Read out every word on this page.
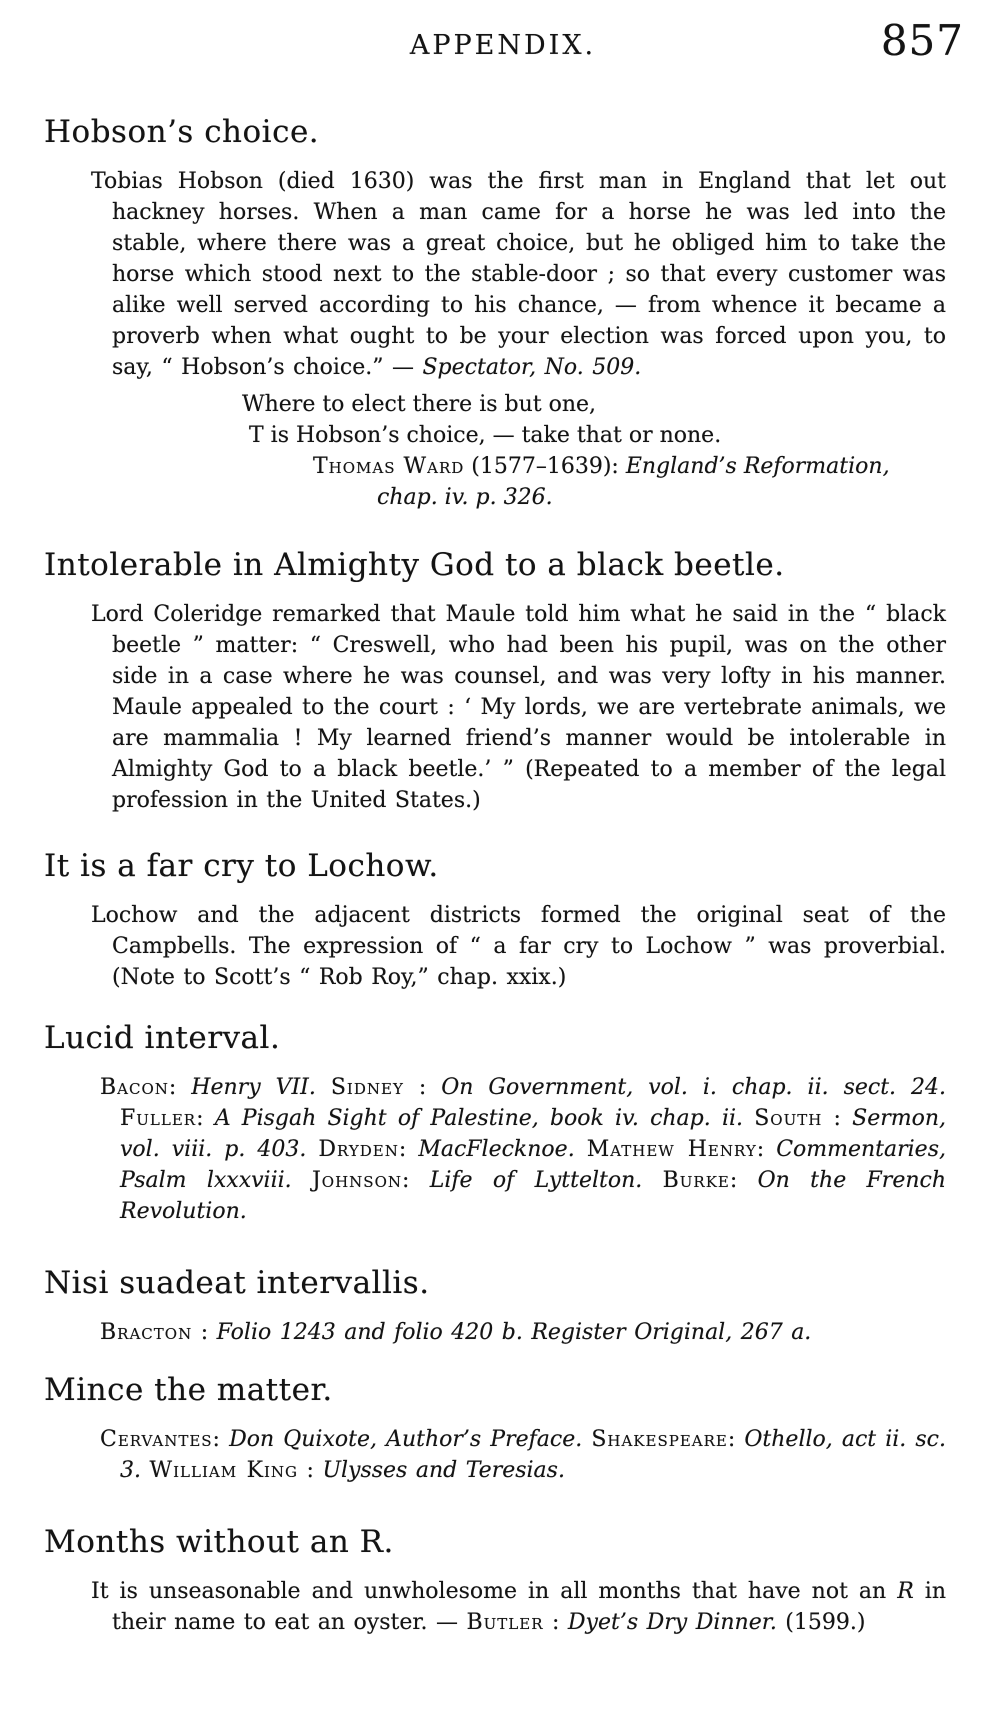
APPENDIX.	857
Hobson’s choice.

Tobias Hobson (died 1630) was the first man in England that let out hackney horses. When a man came for a horse he was led into the stable, where there was a great choice, but he obliged him to take the horse which stood next to the stable-door ; so that every customer was alike well served according to his chance, — from whence it became a proverb when what ought to be your election was forced upon you, to say, “ Hobson’s choice.” — Spectator, No. 509.

Where to elect there is but one,
T is Hobson’s choice, — take that or none.
Thomas Ward (1577–1639): England’s Reformation,
chap. iv. p. 326.
Intolerable in Almighty God to a black beetle.

Lord Coleridge remarked that Maule told him what he said in the “ black beetle ” matter: “ Creswell, who had been his pupil, was on the other side in a case where he was counsel, and was very lofty in his manner. Maule appealed to the court : ‘ My lords, we are vertebrate animals, we are mammalia ! My learned friend’s manner would be intolerable in Almighty God to a black beetle.’ ” (Repeated to a member of the legal profession in the United States.)

It is a far cry to Lochow.

Lochow and the adjacent districts formed the original seat of the Campbells. The expression of “ a far cry to Lochow ” was proverbial. (Note to Scott’s “ Rob Roy,” chap. xxix.)

Lucid interval.

Bacon: Henry VII. Sidney : On Government, vol. i. chap. ii. sect. 24. Fuller: A Pisgah Sight of Palestine, book iv. chap. ii. South : Sermon, vol. viii. p. 403. Dryden: MacFlecknoe. Mathew Henry: Commentaries, Psalm lxxxviii. Johnson: Life of Lyttelton. Burke: On the French Revolution.

Nisi suadeat intervallis.

Bracton : Folio 1243 and folio 420 b. Register Original, 267 a.

Mince the matter.

Cervantes: Don Quixote, Author’s Preface. Shakespeare: Othello, act ii. sc. 3. William King : Ulysses and Teresias.

Months without an R.

It is unseasonable and unwholesome in all months that have not an R in their name to eat an oyster. — Butler : Dyet’s Dry Dinner. (1599.)
